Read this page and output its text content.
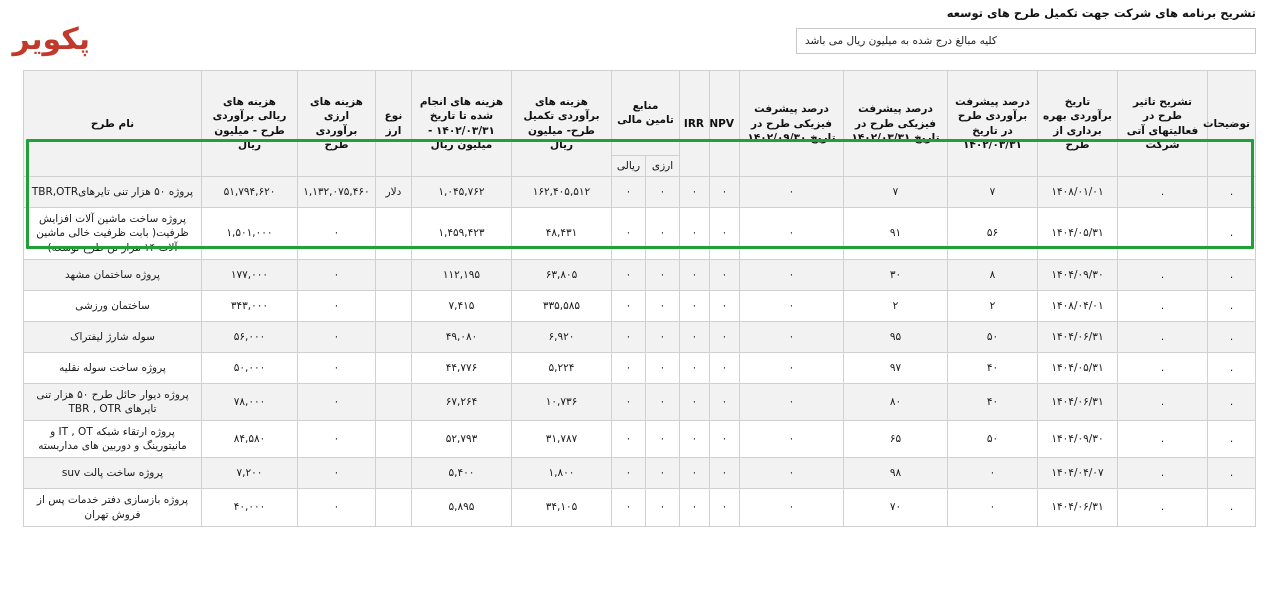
تشریح برنامه های شرکت جهت تکمیل طرح های توسعه
کلیه مبالغ درج شده به میلیون ریال می باشد
پکویر
توضیحات	تشریح تاثیر طرح در فعالیتهای آتی شرکت	تاریخ برآوردی بهره برداری از طرح	درصد پیشرفت برآوردی طرح در تاریخ ۱۴۰۲/۰۳/۳۱	درصد پیشرفت فیزیکی طرح در تاریخ ۱۴۰۲/۰۳/۳۱	درصد پیشرفت فیزیکی طرح در تاریخ ۱۴۰۲/۰۹/۳۰	NPV	IRR	منابع تامین مالی		هزینه های برآوردی تکمیل طرح- میلیون ریال	هزینه های انجام شده تا تاریخ ۱۴۰۲/۰۳/۳۱ - میلیون ریال	نوع ارز	هزینه های ارزی برآوردی طرح	هزینه های ریالی برآوردی طرح - میلیون ریال	نام طرح
								ارزی	ریالی						
.	.	۱۴۰۸/۰۱/۰۱	۷	۷	٠	٠	٠	٠	٠	۱۶۲,۴۰۵,۵۱۲	۱,۰۴۵,۷۶۲	دلار	۱,۱۳۲,۰۷۵,۴۶۰	۵۱,۷۹۴,۶۲۰	پروژه ۵۰ هزار تنی تایرهایTBR,OTR
.		۱۴۰۴/۰۵/۳۱	۵۶	۹۱	٠	٠	٠	٠	٠	۴۸,۴۳۱	۱,۴۵۹,۴۲۳		٠	۱,۵۰۱,۰۰۰	پروژه ساخت ماشین آلات افزایش ظرفیت( بابت ظرفیت خالی ماشین آلات ۱۴ هزار تن طرح توسعه)
.	.	۱۴۰۴/۰۹/۳۰	۸	۳۰	٠	٠	٠	٠	٠	۶۳,۸۰۵	۱۱۲,۱۹۵		٠	۱۷۷,۰۰۰	پروژه ساختمان مشهد
.	.	۱۴۰۸/۰۴/۰۱	۲	۲	٠	٠	٠	٠	٠	۳۳۵,۵۸۵	۷,۴۱۵		٠	۳۴۳,۰۰۰	ساختمان ورزشی
.	.	۱۴۰۴/۰۶/۳۱	۵۰	۹۵	٠	٠	٠	٠	٠	۶,۹۲۰	۴۹,۰۸۰		٠	۵۶,۰۰۰	سوله شارژ لیفتراک
.	.	۱۴۰۴/۰۵/۳۱	۴۰	۹۷	٠	٠	٠	٠	٠	۵,۲۲۴	۴۴,۷۷۶		٠	۵۰,۰۰۰	پروژه ساخت سوله نقلیه
.	.	۱۴۰۴/۰۶/۳۱	۴۰	۸۰	٠	٠	٠	٠	٠	۱۰,۷۳۶	۶۷,۲۶۴		٠	۷۸,۰۰۰	پروژه دیوار حائل طرح ۵۰ هزار تنی تایرهای TBR , OTR
.	.	۱۴۰۴/۰۹/۳۰	۵۰	۶۵	٠	٠	٠	٠	٠	۳۱,۷۸۷	۵۲,۷۹۳		٠	۸۴,۵۸۰	پروژه ارتقاء شبکه IT , OT و مانیتورینگ و دوربین های مداربسته
.	.	۱۴۰۴/۰۴/۰۷	٠	۹۸	٠	٠	٠	٠	٠	۱,۸۰۰	۵,۴۰۰		٠	۷,۲۰۰	پروژه ساخت پالت suv
.	.	۱۴۰۴/۰۶/۳۱	٠	۷۰	٠	٠	٠	٠	٠	۳۴,۱۰۵	۵,۸۹۵		٠	۴۰,۰۰۰	پروژه بازسازی دفتر خدمات پس از فروش تهران
